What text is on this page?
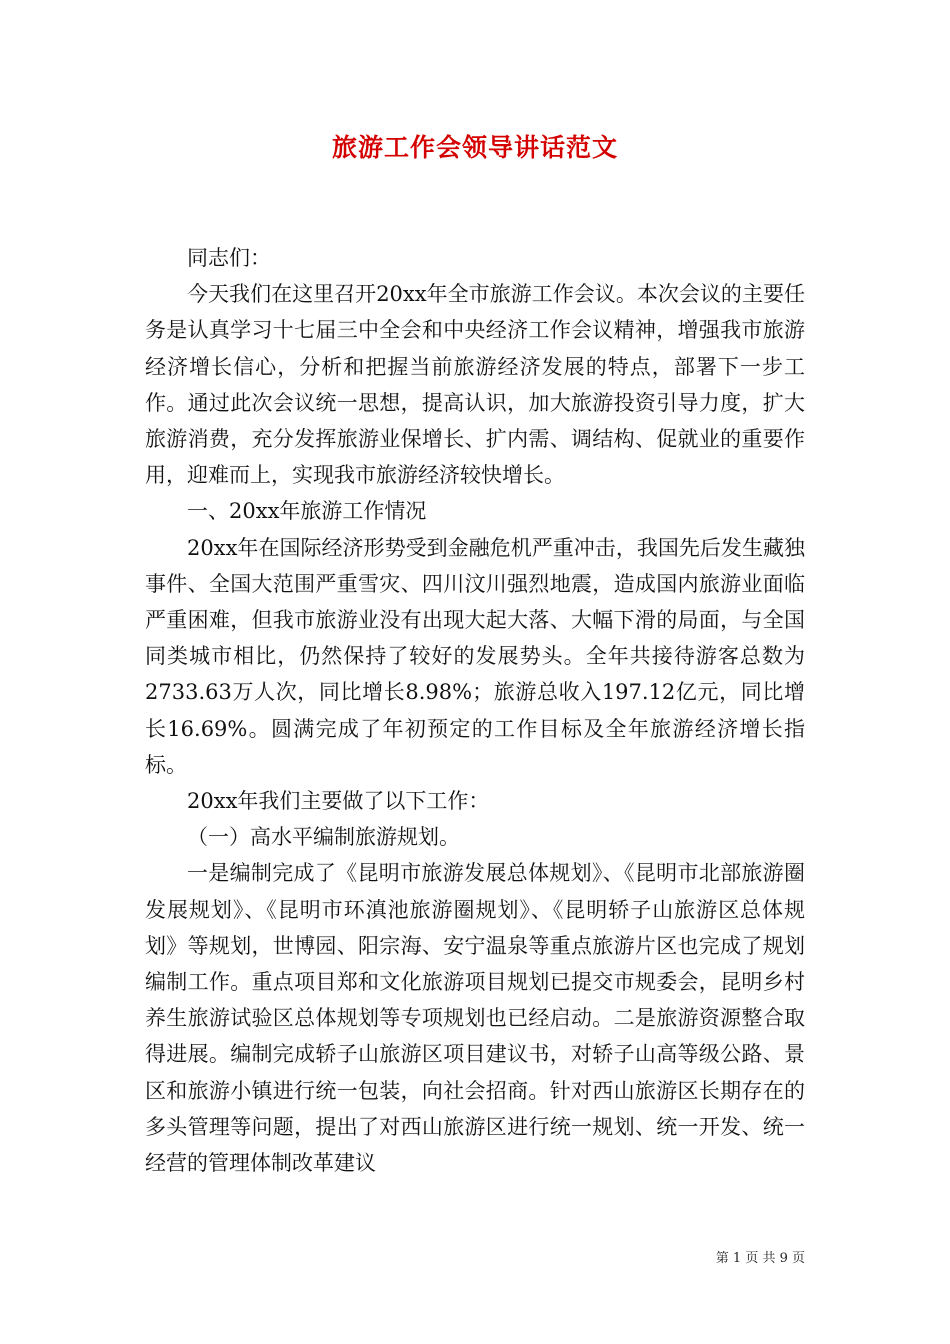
旅游工作会领导讲话范文

同志们：

今天我们在这里召开20xx年全市旅游工作会议。本次会议的主要任务是认真学习十七届三中全会和中央经济工作会议精神，增强我市旅游经济增长信心，分析和把握当前旅游经济发展的特点，部署下一步工作。通过此次会议统一思想，提高认识，加大旅游投资引导力度，扩大旅游消费，充分发挥旅游业保增长、扩内需、调结构、促就业的重要作用，迎难而上，实现我市旅游经济较快增长。

一、20xx年旅游工作情况

20xx年在国际经济形势受到金融危机严重冲击，我国先后发生藏独事件、全国大范围严重雪灾、四川汶川强烈地震，造成国内旅游业面临严重困难，但我市旅游业没有出现大起大落、大幅下滑的局面，与全国同类城市相比，仍然保持了较好的发展势头。全年共接待游客总数为2733.63万人次，同比增长8.98%；旅游总收入197.12亿元，同比增长16.69%。圆满完成了年初预定的工作目标及全年旅游经济增长指标。

20xx年我们主要做了以下工作：

（一）高水平编制旅游规划。

一是编制完成了《昆明市旅游发展总体规划》、《昆明市北部旅游圈发展规划》、《昆明市环滇池旅游圈规划》、《昆明轿子山旅游区总体规划》等规划，世博园、阳宗海、安宁温泉等重点旅游片区也完成了规划编制工作。重点项目郑和文化旅游项目规划已提交市规委会，昆明乡村养生旅游试验区总体规划等专项规划也已经启动。二是旅游资源整合取得进展。编制完成轿子山旅游区项目建议书，对轿子山高等级公路、景区和旅游小镇进行统一包装，向社会招商。针对西山旅游区长期存在的多头管理等问题，提出了对西山旅游区进行统一规划、统一开发、统一经营的管理体制改革建议

第 1 页 共 9 页
